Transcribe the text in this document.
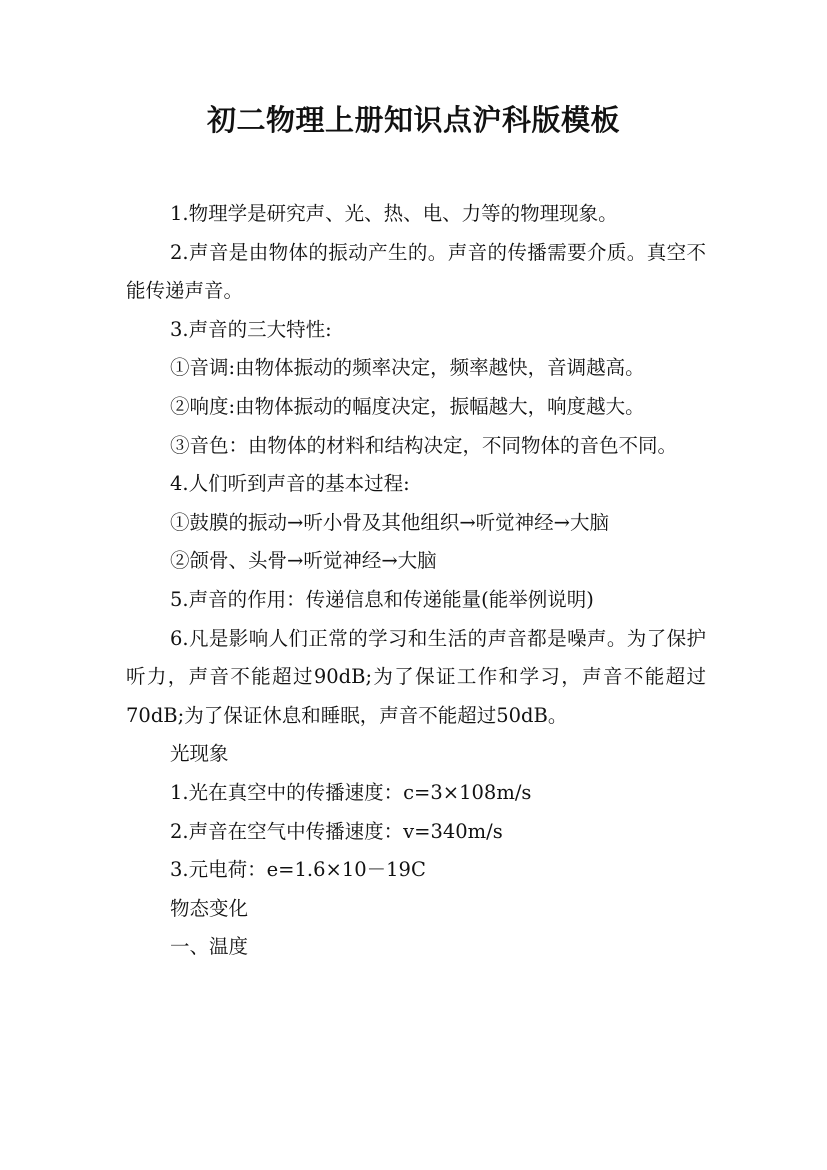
初二物理上册知识点沪科版模板

1.物理学是研究声、光、热、电、力等的物理现象。

2.声音是由物体的振动产生的。声音的传播需要介质。真空不能传递声音。

3.声音的三大特性:

①音调:由物体振动的频率决定，频率越快，音调越高。

②响度:由物体振动的幅度决定，振幅越大，响度越大。

③音色：由物体的材料和结构决定，不同物体的音色不同。

4.人们听到声音的基本过程:

①鼓膜的振动→听小骨及其他组织→听觉神经→大脑

②颌骨、头骨→听觉神经→大脑

5.声音的作用：传递信息和传递能量(能举例说明)

6.凡是影响人们正常的学习和生活的声音都是噪声。为了保护听力，声音不能超过90dB;为了保证工作和学习，声音不能超过70dB;为了保证休息和睡眠，声音不能超过50dB。

光现象

1.光在真空中的传播速度：c=3×108m/s

2.声音在空气中传播速度：v=340m/s

3.元电荷：e=1.6×10－19C

物态变化

一、温度
